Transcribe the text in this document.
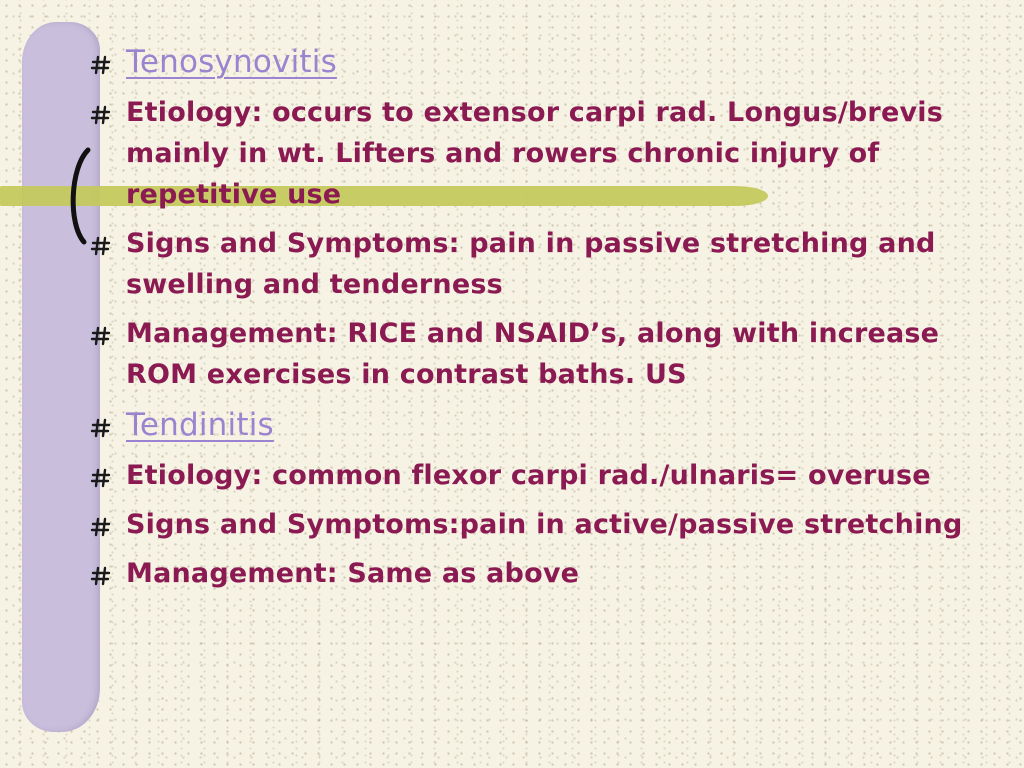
Tenosynovitis
Etiology: occurs to extensor carpi rad. Longus/brevis mainly in wt. Lifters and rowers chronic injury of repetitive use
Signs and Symptoms: pain in passive stretching and swelling and tenderness
Management: RICE and NSAID’s, along with increase ROM exercises in contrast baths. US
Tendinitis
Etiology: common flexor carpi rad./ulnaris= overuse
Signs and Symptoms:pain in active/passive stretching
Management: Same as above
